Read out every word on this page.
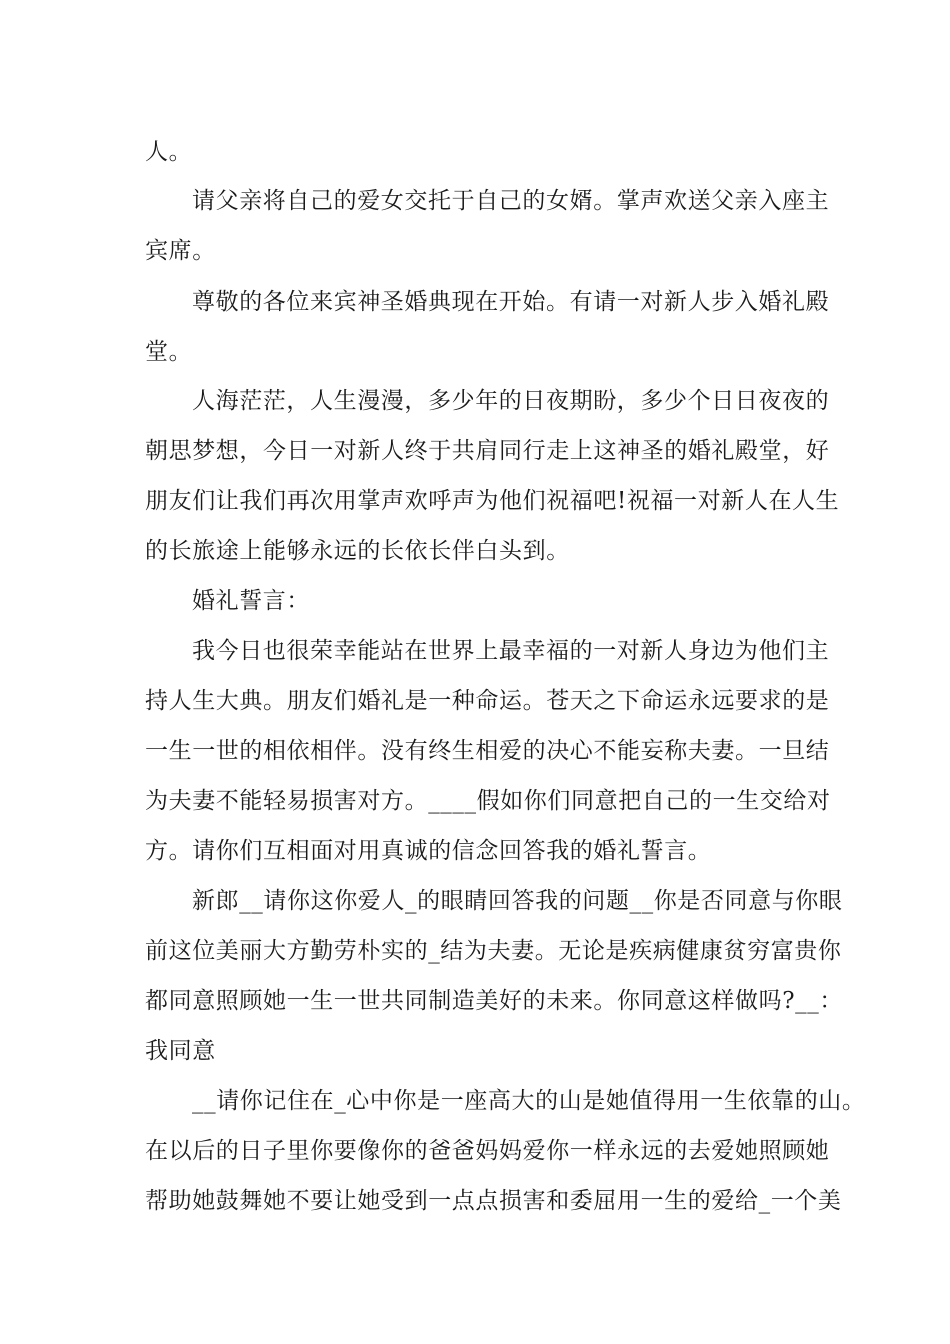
人。

请父亲将自己的爱女交托于自己的女婿。掌声欢送父亲入座主

宾席。

尊敬的各位来宾神圣婚典现在开始。有请一对新人步入婚礼殿

堂。

人海茫茫，人生漫漫，多少年的日夜期盼，多少个日日夜夜的

朝思梦想，今日一对新人终于共肩同行走上这神圣的婚礼殿堂，好

朋友们让我们再次用掌声欢呼声为他们祝福吧!祝福一对新人在人生

的长旅途上能够永远的长依长伴白头到。

婚礼誓言：

我今日也很荣幸能站在世界上最幸福的一对新人身边为他们主

持人生大典。朋友们婚礼是一种命运。苍天之下命运永远要求的是

一生一世的相依相伴。没有终生相爱的决心不能妄称夫妻。一旦结

为夫妻不能轻易损害对方。____假如你们同意把自己的一生交给对

方。请你们互相面对用真诚的信念回答我的婚礼誓言。

新郎__请你这你爱人_的眼睛回答我的问题__你是否同意与你眼

前这位美丽大方勤劳朴实的_结为夫妻。无论是疾病健康贫穷富贵你

都同意照顾她一生一世共同制造美好的未来。你同意这样做吗?__：

我同意

__请你记住在_心中你是一座高大的山是她值得用一生依靠的山。

在以后的日子里你要像你的爸爸妈妈爱你一样永远的去爱她照顾她

帮助她鼓舞她不要让她受到一点点损害和委屈用一生的爱给_一个美
